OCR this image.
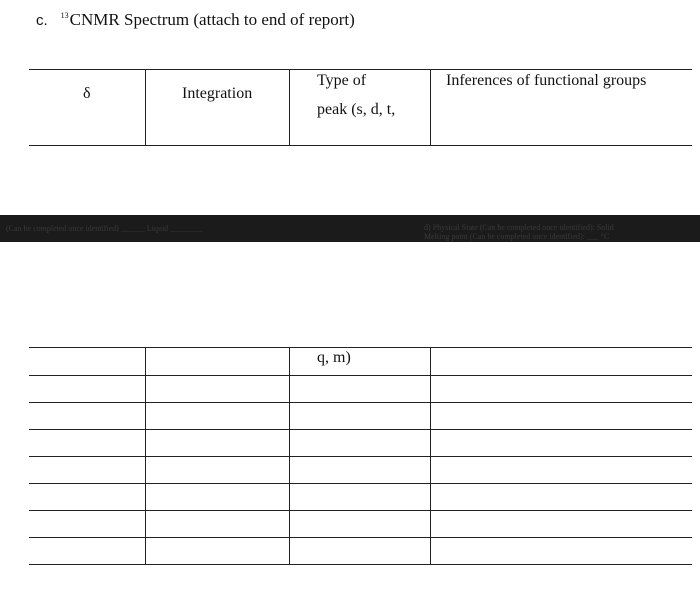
c. $^{13}$CNMR Spectrum (attach to end of report)
δ	Integration
Type of
peak (s, d, t,
Inferences of functional groups
(Can be completed once identified) ______ Liquid ________	d) Physical State (Can be completed once identified): Solid
Melting point (Can be completed once identified): ___ °C
q, m)
